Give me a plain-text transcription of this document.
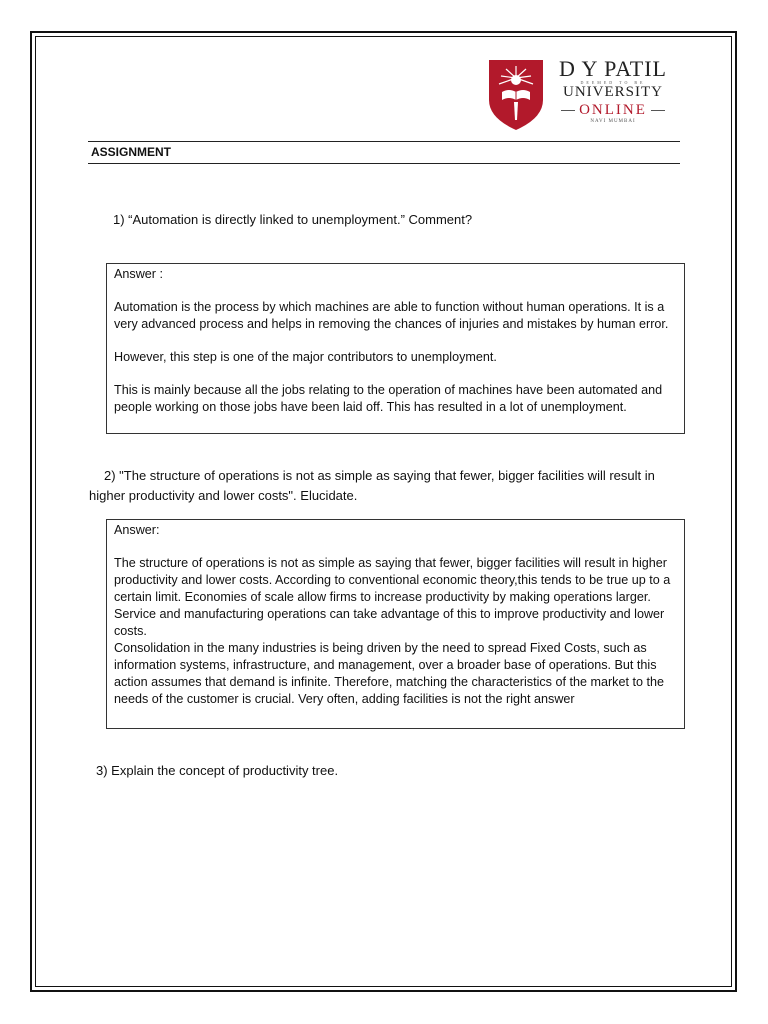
D Y PATIL
DEEMED TO BE
UNIVERSITY
ONLINE
NAVI MUMBAI
ASSIGNMENT
1) “Automation is directly linked to unemployment.” Comment?

Answer :

Automation is the process by which machines are able to function without human operations. It is a very advanced process and helps in removing the chances of injuries and mistakes by human error.

However, this step is one of the major contributors to unemployment.

This is mainly because all the jobs relating to the operation of machines have been automated and people working on those jobs have been laid off. This has resulted in a lot of unemployment.

2) "The structure of operations is not as simple as saying that fewer, bigger facilities will result in
higher productivity and lower costs". Elucidate.

Answer:

The structure of operations is not as simple as saying that fewer, bigger facilities will result in higher productivity and lower costs. According to conventional economic theory,this tends to be true up to a certain limit. Economies of scale allow firms to increase productivity by making operations larger. Service and manufacturing operations can take advantage of this to improve productivity and lower costs.

Consolidation in the many industries is being driven by the need to spread Fixed Costs, such as information systems, infrastructure, and management, over a broader base of operations. But this action assumes that demand is infinite. Therefore, matching the characteristics of the market to the needs of the customer is crucial. Very often, adding facilities is not the right answer

3) Explain the concept of productivity tree.
